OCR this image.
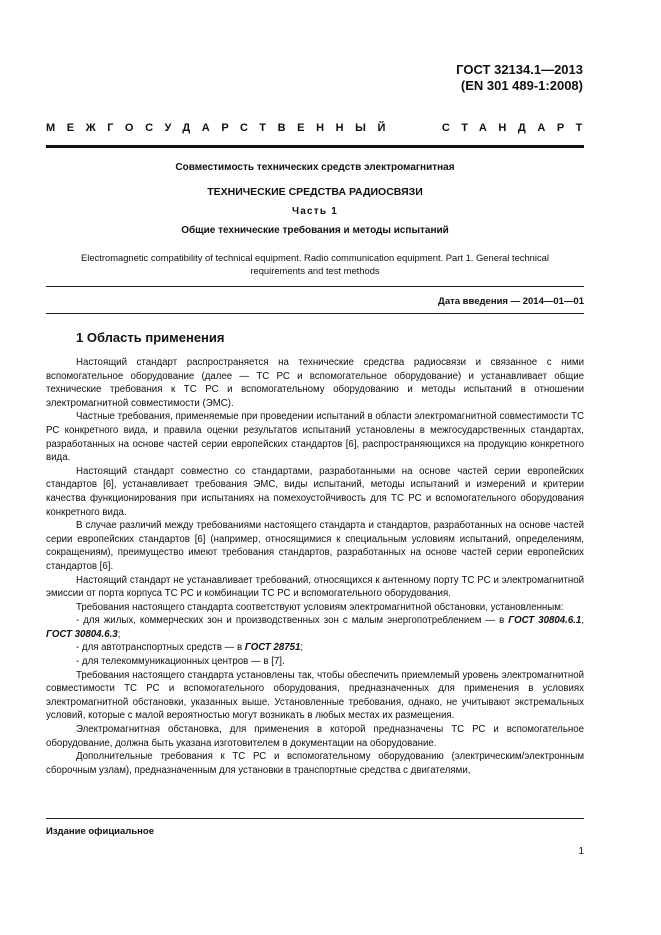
ГОСТ 32134.1—2013
(EN 301 489-1:2008)
МЕЖГОСУДАРСТВЕННЫЙ	СТАНДАРТ
Совместимость технических средств электромагнитная
ТЕХНИЧЕСКИЕ СРЕДСТВА РАДИОСВЯЗИ
Часть 1
Общие технические требования и методы испытаний
Electromagnetic compatibility of technical equipment. Radio communication equipment. Part 1. General technical requirements and test methods
Дата введения — 2014—01—01
1 Область применения

Настоящий стандарт распространяется на технические средства радиосвязи и связанное с ними вспомогательное оборудование (далее — ТС РС и вспомогательное оборудование) и устанавливает общие технические требования к ТС РС и вспомогательному оборудованию и методы испытаний в отношении электромагнитной совместимости (ЭМС).

Частные требования, применяемые при проведении испытаний в области электромагнитной совместимости ТС РС конкретного вида, и правила оценки результатов испытаний установлены в межгосударственных стандартах, разработанных на основе частей серии европейских стандартов [6], распространяющихся на продукцию конкретного вида.

Настоящий стандарт совместно со стандартами, разработанными на основе частей серии европейских стандартов [6], устанавливает требования ЭМС, виды испытаний, методы испытаний и измерений и критерии качества функционирования при испытаниях на помехоустойчивость для ТС РС и вспомогательного оборудования конкретного вида.

В случае различий между требованиями настоящего стандарта и стандартов, разработанных на основе частей серии европейских стандартов [6] (например, относящимися к специальным условиям испытаний, определениям, сокращениям), преимущество имеют требования стандартов, разработанных на основе частей серии европейских стандартов [6].

Настоящий стандарт не устанавливает требований, относящихся к антенному порту ТС РС и электромагнитной эмиссии от порта корпуса ТС РС и комбинации ТС РС и вспомогательного оборудования.

Требования настоящего стандарта соответствуют условиям электромагнитной обстановки, установленным:

- для жилых, коммерческих зон и производственных зон с малым энергопотреблением — в ГОСТ 30804.6.1, ГОСТ 30804.6.3;

- для автотранспортных средств — в ГОСТ 28751;

- для телекоммуникационных центров — в [7].

Требования настоящего стандарта установлены так, чтобы обеспечить приемлемый уровень электромагнитной совместимости ТС РС и вспомогательного оборудования, предназначенных для применения в условиях электромагнитной обстановки, указанных выше. Установленные требования, однако, не учитывают экстремальных условий, которые с малой вероятностью могут возникать в любых местах их размещения.

Электромагнитная обстановка, для применения в которой предназначены ТС РС и вспомогательное оборудование, должна быть указана изготовителем в документации на оборудование.

Дополнительные требования к ТС РС и вспомогательному оборудованию (электрическим/электронным сборочным узлам), предназначенным для установки в транспортные средства с двигателями,

Издание официальное
1
